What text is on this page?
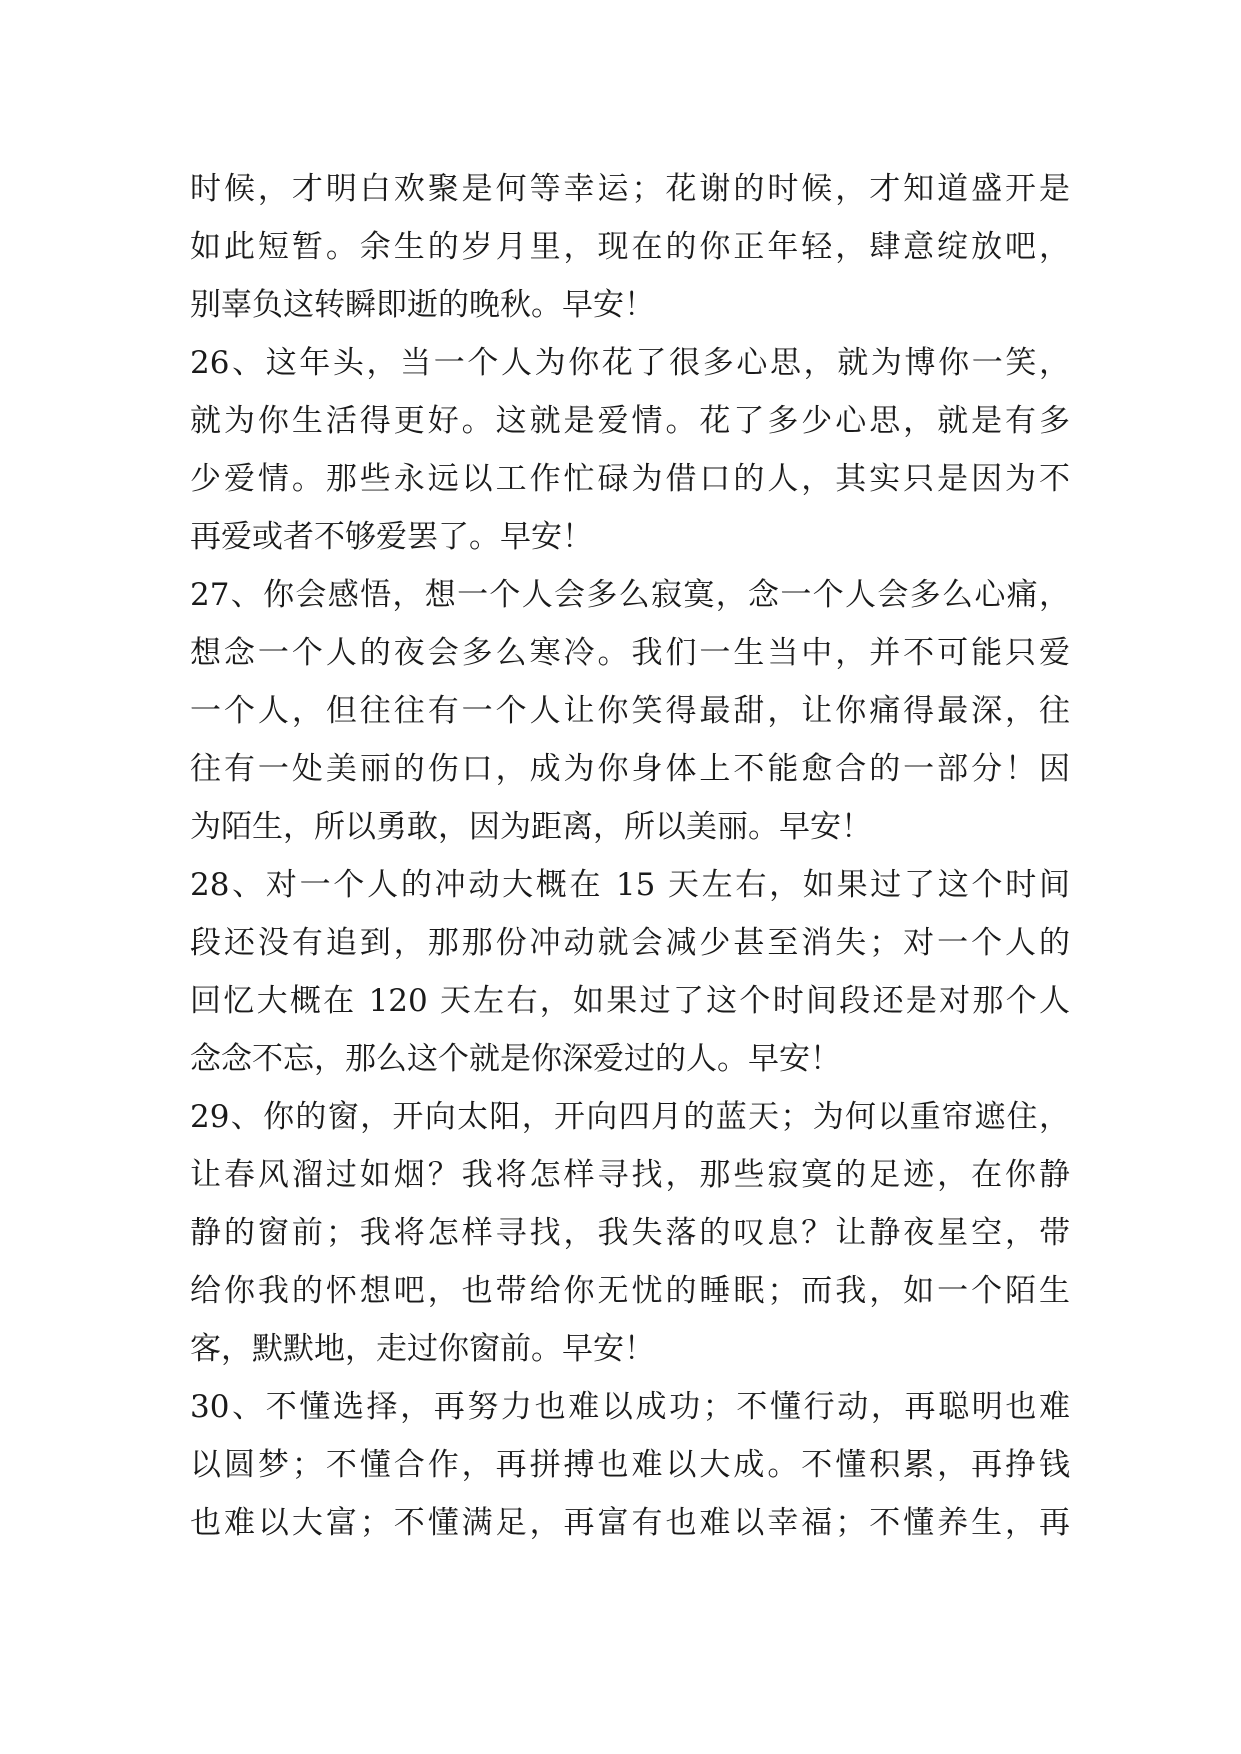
时候，才明白欢聚是何等幸运；花谢的时候，才知道盛开是
如此短暂。余生的岁月里，现在的你正年轻，肆意绽放吧，
别辜负这转瞬即逝的晚秋。早安！
26、这年头，当一个人为你花了很多心思，就为博你一笑，
就为你生活得更好。这就是爱情。花了多少心思，就是有多
少爱情。那些永远以工作忙碌为借口的人，其实只是因为不
再爱或者不够爱罢了。早安！
27、你会感悟，想一个人会多么寂寞，念一个人会多么心痛，
想念一个人的夜会多么寒冷。我们一生当中，并不可能只爱
一个人，但往往有一个人让你笑得最甜，让你痛得最深，往
往有一处美丽的伤口，成为你身体上不能愈合的一部分！因
为陌生，所以勇敢，因为距离，所以美丽。早安！
28、对一个人的冲动大概在 15 天左右，如果过了这个时间
段还没有追到，那那份冲动就会减少甚至消失；对一个人的
回忆大概在 120 天左右，如果过了这个时间段还是对那个人
念念不忘，那么这个就是你深爱过的人。早安！
29、你的窗，开向太阳，开向四月的蓝天；为何以重帘遮住，
让春风溜过如烟？我将怎样寻找，那些寂寞的足迹，在你静
静的窗前；我将怎样寻找，我失落的叹息？让静夜星空，带
给你我的怀想吧，也带给你无忧的睡眠；而我，如一个陌生
客，默默地，走过你窗前。早安！
30、不懂选择，再努力也难以成功；不懂行动，再聪明也难
以圆梦；不懂合作，再拼搏也难以大成。不懂积累，再挣钱
也难以大富；不懂满足，再富有也难以幸福；不懂养生，再
